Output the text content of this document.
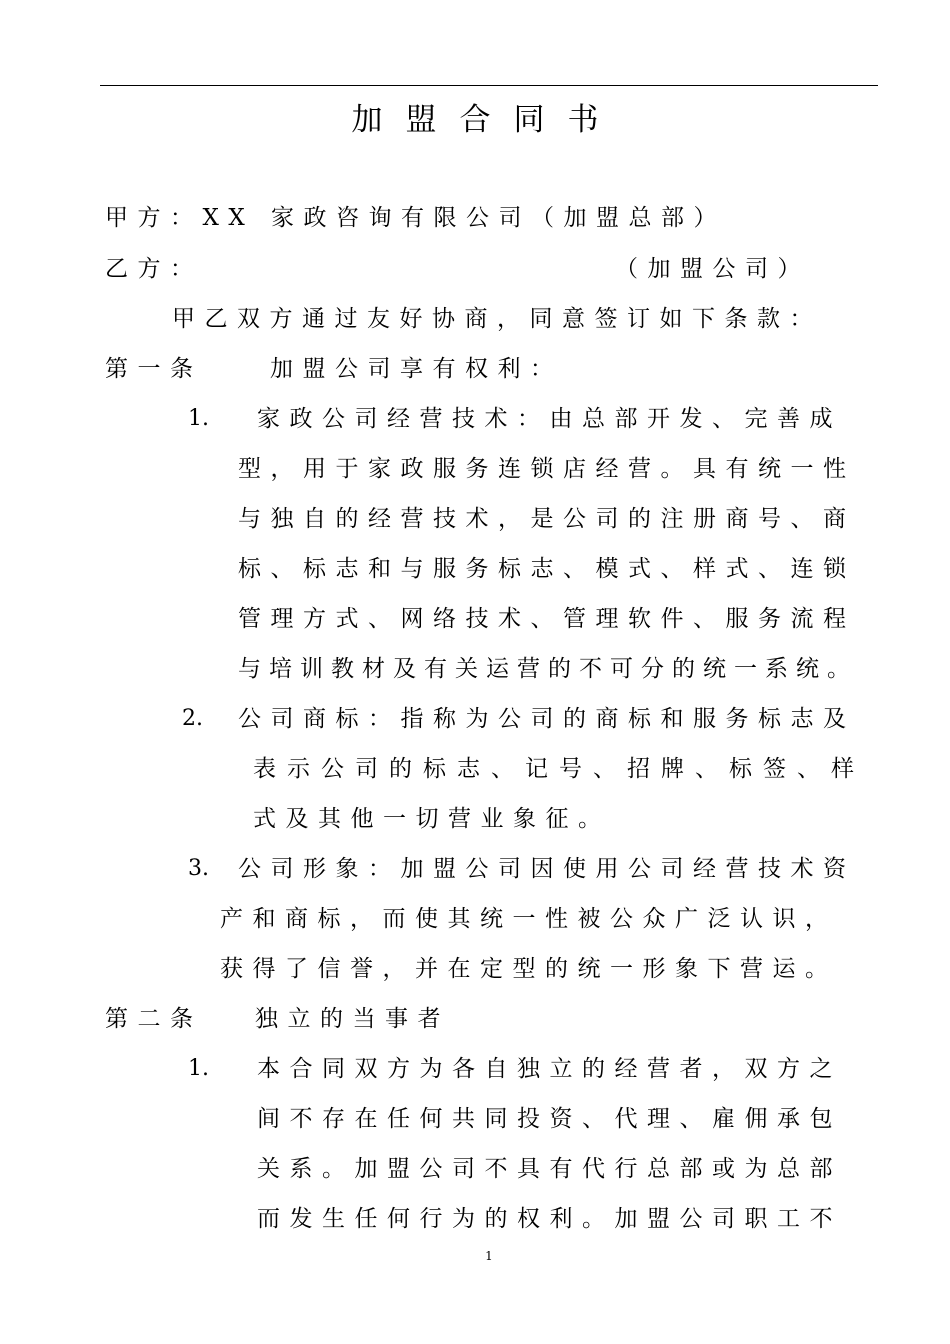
加盟合同书
甲方：XX 家政咨询有限公司（加盟总部）
乙方：	（加盟公司）
甲乙双方通过友好协商，同意签订如下条款：
第一条	加盟公司享有权利：
1. 家政公司经营技术：由总部开发、完善成
型，用于家政服务连锁店经营。具有统一性
与独自的经营技术，是公司的注册商号、商
标、标志和与服务标志、模式、样式、连锁
管理方式、网络技术、管理软件、服务流程
与培训教材及有关运营的不可分的统一系统。
2. 公司商标：指称为公司的商标和服务标志及
表示公司的标志、记号、招牌、标签、样
式及其他一切营业象征。
3. 公司形象：加盟公司因使用公司经营技术资
产和商标，而使其统一性被公众广泛认识，
获得了信誉，并在定型的统一形象下营运。
第二条 独立的当事者
1. 本合同双方为各自独立的经营者，双方之
间不存在任何共同投资、代理、雇佣承包
关系。加盟公司不具有代行总部或为总部
而发生任何行为的权利。加盟公司职工不
1
